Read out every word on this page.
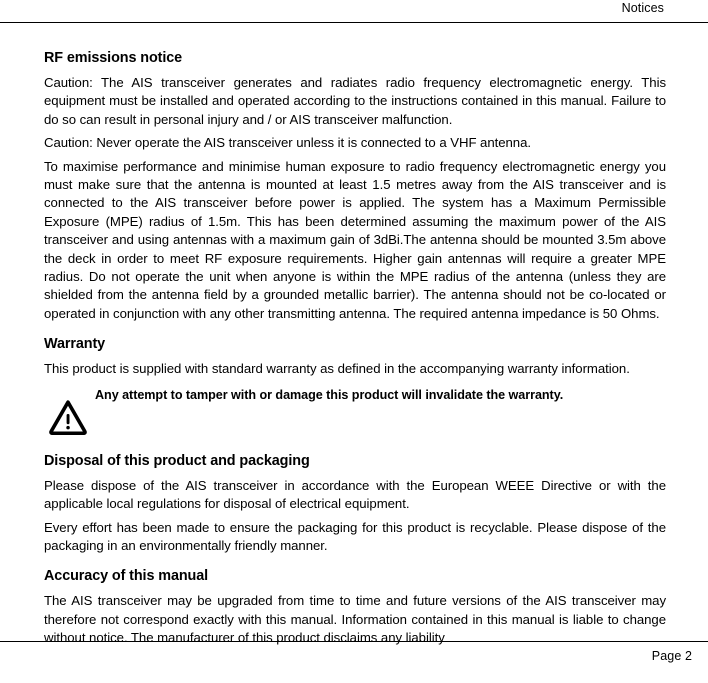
Notices
RF emissions notice

Caution: The AIS transceiver generates and radiates radio frequency electromagnetic energy. This equipment must be installed and operated according to the instructions contained in this manual. Failure to do so can result in personal injury and / or AIS transceiver malfunction.

Caution: Never operate the AIS transceiver unless it is connected to a VHF antenna.

To maximise performance and minimise human exposure to radio frequency electromagnetic energy you must make sure that the antenna is mounted at least 1.5 metres away from the AIS transceiver and is connected to the AIS transceiver before power is applied. The system has a Maximum Permissible Exposure (MPE) radius of 1.5m. This has been determined assuming the maximum power of the AIS transceiver and using antennas with a maximum gain of 3dBi.The antenna should be mounted 3.5m above the deck in order to meet RF exposure requirements. Higher gain antennas will require a greater MPE radius. Do not operate the unit when anyone is within the MPE radius of the antenna (unless they are shielded from the antenna field by a grounded metallic barrier). The antenna should not be co-located or operated in conjunction with any other transmitting antenna. The required antenna impedance is 50 Ohms.

Warranty

This product is supplied with standard warranty as defined in the accompanying warranty information.

Any attempt to tamper with or damage this product will invalidate the warranty.
Disposal of this product and packaging

Please dispose of the AIS transceiver in accordance with the European WEEE Directive or with the applicable local regulations for disposal of electrical equipment.

Every effort has been made to ensure the packaging for this product is recyclable. Please dispose of the packaging in an environmentally friendly manner.

Accuracy of this manual

The AIS transceiver may be upgraded from time to time and future versions of the AIS transceiver may therefore not correspond exactly with this manual. Information contained in this manual is liable to change without notice. The manufacturer of this product disclaims any liability

Page 2
